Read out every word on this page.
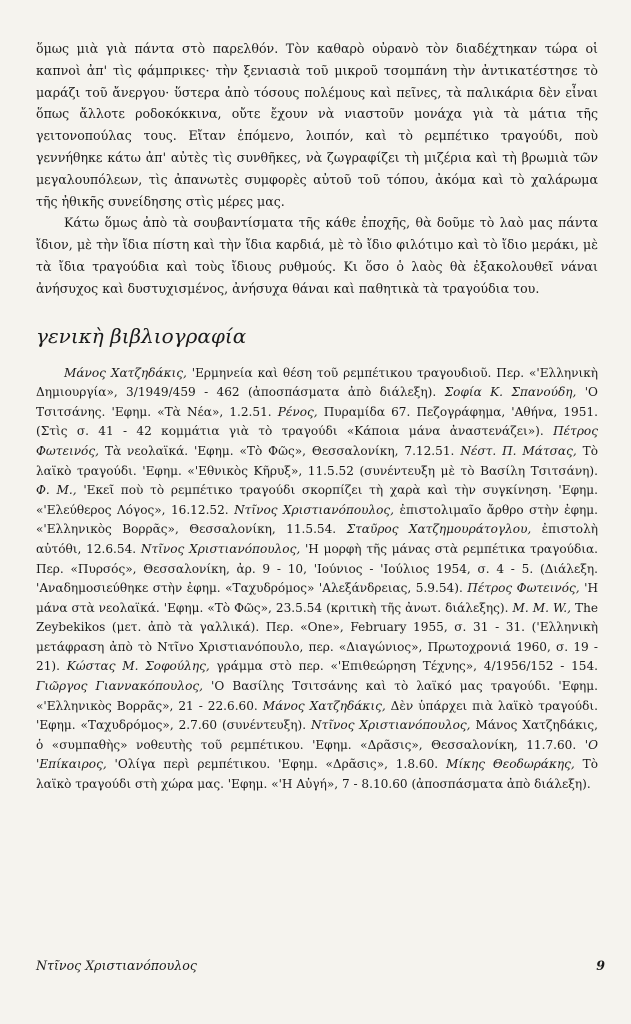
ὅμως μιὰ γιὰ πάντα στὸ παρελθόν. Τὸν καθαρὸ οὐρανὸ τὸν διαδέχτηκαν τώρα οἱ καπνοὶ ἀπ' τὶς φάμπρικες· τὴν ξενιασιὰ τοῦ μικροῦ τσομπάνη τὴν ἀντικατέστησε τὸ μαράζι τοῦ ἄνεργου· ὕστερα ἀπὸ τόσους πολέμους καὶ πεῖνες, τὰ παλικάρια δὲν εἶναι ὅπως ἄλλοτε ροδοκόκκινα, οὔτε ἔχουν νὰ νιαστοῦν μονάχα γιὰ τὰ μάτια τῆς γειτονοπούλας τους. Εἴταν ἑπόμενο, λοιπόν, καὶ τὸ ρεμπέτικο τραγούδι, ποὺ γεννήθηκε κάτω ἀπ' αὐτὲς τὶς συνθῆκες, νὰ ζωγραφίζει τὴ μιζέρια καὶ τὴ βρωμιὰ τῶν μεγαλουπόλεων, τὶς ἀπανωτὲς συμφορὲς αὐτοῦ τοῦ τόπου, ἀκόμα καὶ τὸ χαλάρωμα τῆς ἠθικῆς συνείδησης στὶς μέρες μας.

Κάτω ὅμως ἀπὸ τὰ σουβαντίσματα τῆς κάθε ἐποχῆς, θὰ δοῦμε τὸ λαὸ μας πάντα ἴδιον, μὲ τὴν ἴδια πίστη καὶ τὴν ἴδια καρδιά, μὲ τὸ ἴδιο φιλότιμο καὶ τὸ ἴδιο μεράκι, μὲ τὰ ἴδια τραγούδια καὶ τοὺς ἴδιους ρυθμούς. Κι ὅσο ὁ λαὸς θὰ ἐξακολουθεῖ νάναι ἀνήσυχος καὶ δυστυχισμένος, ἀνήσυχα θάναι καὶ παθητικὰ τὰ τραγούδια του.

γενικὴ βιβλιογραφία

Μάνος Χατζηδάκις, 'Ερμηνεία καὶ θέση τοῦ ρεμπέτικου τραγουδιοῦ. Περ. «'Ελληνικὴ Δημιουργία», 3/1949/459 - 462 (ἀποσπάσματα ἀπὸ διάλεξη). Σοφία Κ. Σπανούδη, 'Ο Τσιτσάνης. 'Εφημ. «Τὰ Νέα», 1.2.51. Ρένος, Πυραμίδα 67. Πεζογράφημα, 'Αθήνα, 1951. (Στὶς σ. 41 - 42 κομμάτια γιὰ τὸ τραγούδι «Κάποια μάνα ἀναστενάζει»). Πέτρος Φωτεινός, Τὰ νεολαϊκά. 'Εφημ. «Τὸ Φῶς», Θεσσαλονίκη, 7.12.51. Νέστ. Π. Μάτσας, Τὸ λαϊκὸ τραγούδι. 'Εφημ. «'Εθνικὸς Κῆρυξ», 11.5.52 (συνέντευξη μὲ τὸ Βασίλη Τσιτσάνη). Φ. Μ., 'Εκεῖ ποὺ τὸ ρεμπέτικο τραγούδι σκορπίζει τὴ χαρὰ καὶ τὴν συγκίνηση. 'Εφημ. «'Ελεύθερος Λόγος», 16.12.52. Ντῖνος Χριστιανόπουλος, ἐπιστολιμαῖο ἄρθρο στὴν ἐφημ. «'Ελληνικὸς Βορρᾶς», Θεσσαλονίκη, 11.5.54. Σταῦρος Χατζημουράτογλου, ἐπιστολὴ αὐτόθι, 12.6.54. Ντῖνος Χριστιανόπουλος, 'Η μορφὴ τῆς μάνας στὰ ρεμπέτικα τραγούδια. Περ. «Πυρσός», Θεσσαλονίκη, ἀρ. 9 - 10, 'Ιούνιος - 'Ιούλιος 1954, σ. 4 - 5. (Διάλεξη. 'Αναδημοσιεύθηκε στὴν ἐφημ. «Ταχυδρόμος» 'Αλεξάνδρειας, 5.9.54). Πέτρος Φωτεινός, 'Η μάνα στὰ νεολαϊκά. 'Εφημ. «Τὸ Φῶς», 23.5.54 (κριτικὴ τῆς ἀνωτ. διάλεξης). M. M. W., The Zeybekikos (μετ. ἀπὸ τὰ γαλλικά). Περ. «One», February 1955, σ. 31 - 31. ('Ελληνικὴ μετάφραση ἀπὸ τὸ Ντῖνο Χριστιανόπουλο, περ. «Διαγώνιος», Πρωτοχρονιά 1960, σ. 19 - 21). Κώστας Μ. Σοφούλης, γράμμα στὸ περ. «'Επιθεώρηση Τέχνης», 4/1956/152 - 154. Γιῶργος Γιαννακόπουλος, 'Ο Βασίλης Τσιτσάνης καὶ τὸ λαϊκό μας τραγούδι. 'Εφημ. «'Ελληνικὸς Βορρᾶς», 21 - 22.6.60. Μάνος Χατζηδάκις, Δὲν ὑπάρχει πιὰ λαϊκὸ τραγούδι. 'Εφημ. «Ταχυδρόμος», 2.7.60 (συνέντευξη). Ντῖνος Χριστιανόπουλος, Μάνος Χατζηδάκις, ὁ «συμπαθὴς» νοθευτὴς τοῦ ρεμπέτικου. 'Εφημ. «Δρᾶσις», Θεσσαλονίκη, 11.7.60. 'Ο 'Επίκαιρος, 'Ολίγα περὶ ρεμπέτικου. 'Εφημ. «Δρᾶσις», 1.8.60. Μίκης Θεοδωράκης, Τὸ λαϊκὸ τραγούδι στὴ χώρα μας. 'Εφημ. «'Η Αὐγή», 7 - 8.10.60 (ἀποσπάσματα ἀπὸ διάλεξη).

Ντῖνος Χριστιανόπουλος	9
